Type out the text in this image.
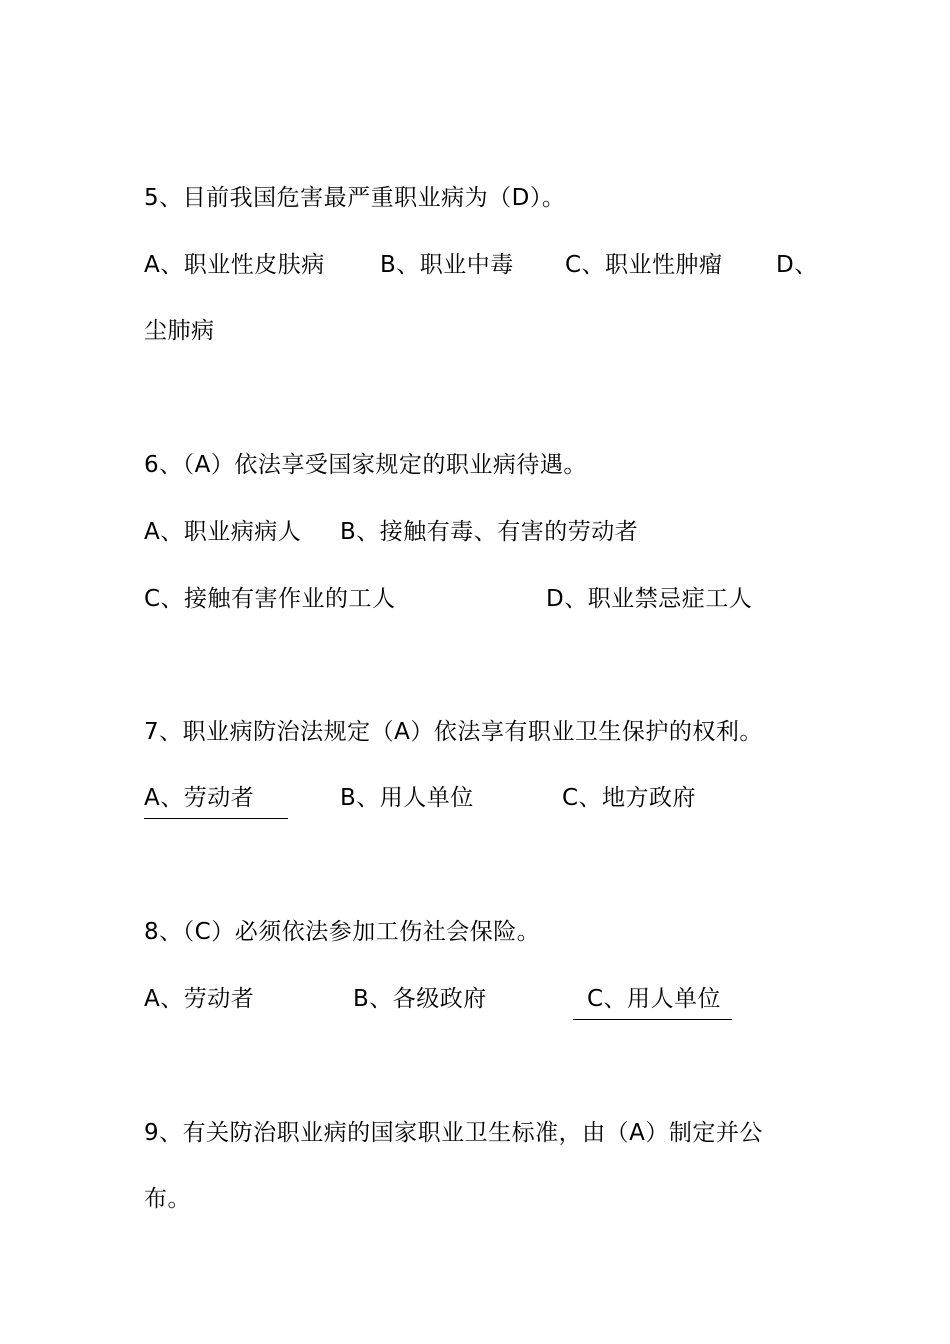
5、目前我国危害最严重职业病为（D）。
A、职业性皮肤病 B、职业中毒 C、职业性肿瘤 D、
尘肺病
6、（A）依法享受国家规定的职业病待遇。
A、职业病病人 B、接触有毒、有害的劳动者
C、接触有害作业的工人	D、职业禁忌症工人
7、职业病防治法规定（A）依法享有职业卫生保护的权利。
A、劳动者	B、用人单位	C、地方政府
8、（C）必须依法参加工伤社会保险。
A、劳动者	B、各级政府	C、用人单位
9、有关防治职业病的国家职业卫生标准，由（A）制定并公
布。
